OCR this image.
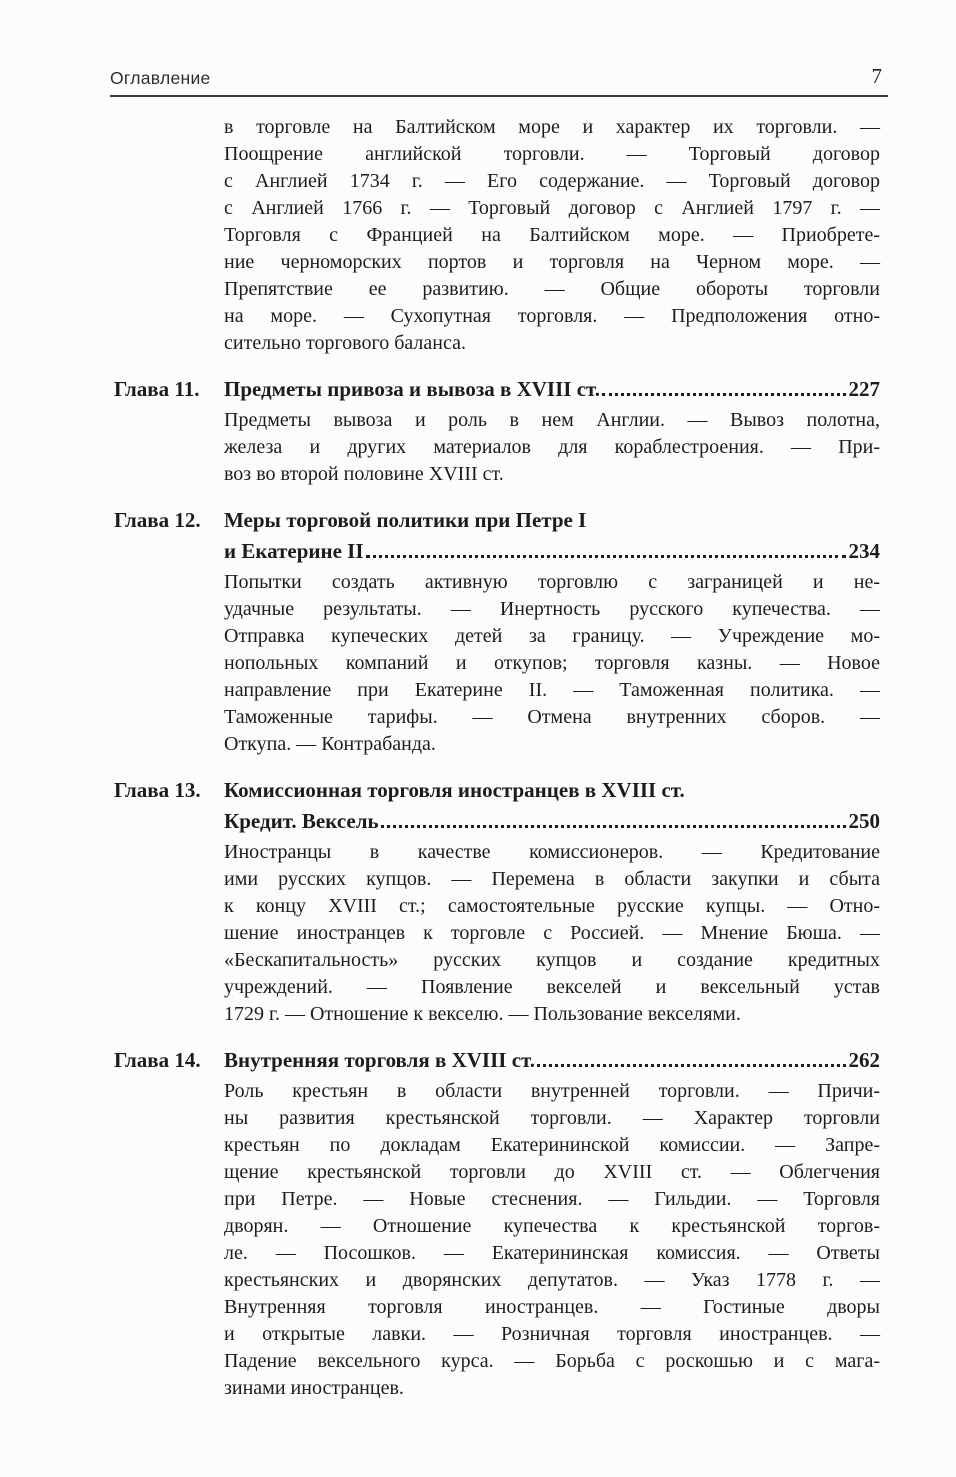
Оглавление	7
в торговле на Балтийском море и характер их торговли. —
Поощрение английской торговли. — Торговый договор
с Англией 1734 г. — Его содержание. — Торговый договор
с Англией 1766 г. — Торговый договор с Англией 1797 г. —
Торговля с Францией на Балтийском море. — Приобрете-
ние черноморских портов и торговля на Черном море. —
Препятствие ее развитию. — Общие обороты торговли
на море. — Сухопутная торговля. — Предположения отно-
сительно торгового баланса.
Глава 11.	Предметы привоза и вывоза в XVIII ст.	227
Предметы вывоза и роль в нем Англии. — Вывоз полотна,
железа и других материалов для кораблестроения. — При-
воз во второй половине XVIII ст.
Глава 12.	Меры торговой политики при Петре I
и Екатерине II	234
Попытки создать активную торговлю с заграницей и не-
удачные результаты. — Инертность русского купечества. —
Отправка купеческих детей за границу. — Учреждение мо-
нопольных компаний и откупов; торговля казны. — Новое
направление при Екатерине II. — Таможенная политика. —
Таможенные тарифы. — Отмена внутренних сборов. —
Откупа. — Контрабанда.
Глава 13.	Комиссионная торговля иностранцев в XVIII ст.
Кредит. Вексель	250
Иностранцы в качестве комиссионеров. — Кредитование
ими русских купцов. — Перемена в области закупки и сбыта
к концу XVIII ст.; самостоятельные русские купцы. — Отно-
шение иностранцев к торговле с Россией. — Мнение Бюша. —
«Бескапитальность» русских купцов и создание кредитных
учреждений. — Появление векселей и вексельный устав
1729 г. — Отношение к векселю. — Пользование векселями.
Глава 14.	Внутренняя торговля в XVIII ст.	262
Роль крестьян в области внутренней торговли. — Причи-
ны развития крестьянской торговли. — Характер торговли
крестьян по докладам Екатерининской комиссии. — Запре-
щение крестьянской торговли до XVIII ст. — Облегчения
при Петре. — Новые стеснения. — Гильдии. — Торговля
дворян. — Отношение купечества к крестьянской торгов-
ле. — Посошков. — Екатерининская комиссия. — Ответы
крестьянских и дворянских депутатов. — Указ 1778 г. —
Внутренняя торговля иностранцев. — Гостиные дворы
и открытые лавки. — Розничная торговля иностранцев. —
Падение вексельного курса. — Борьба с роскошью и с мага-
зинами иностранцев.
